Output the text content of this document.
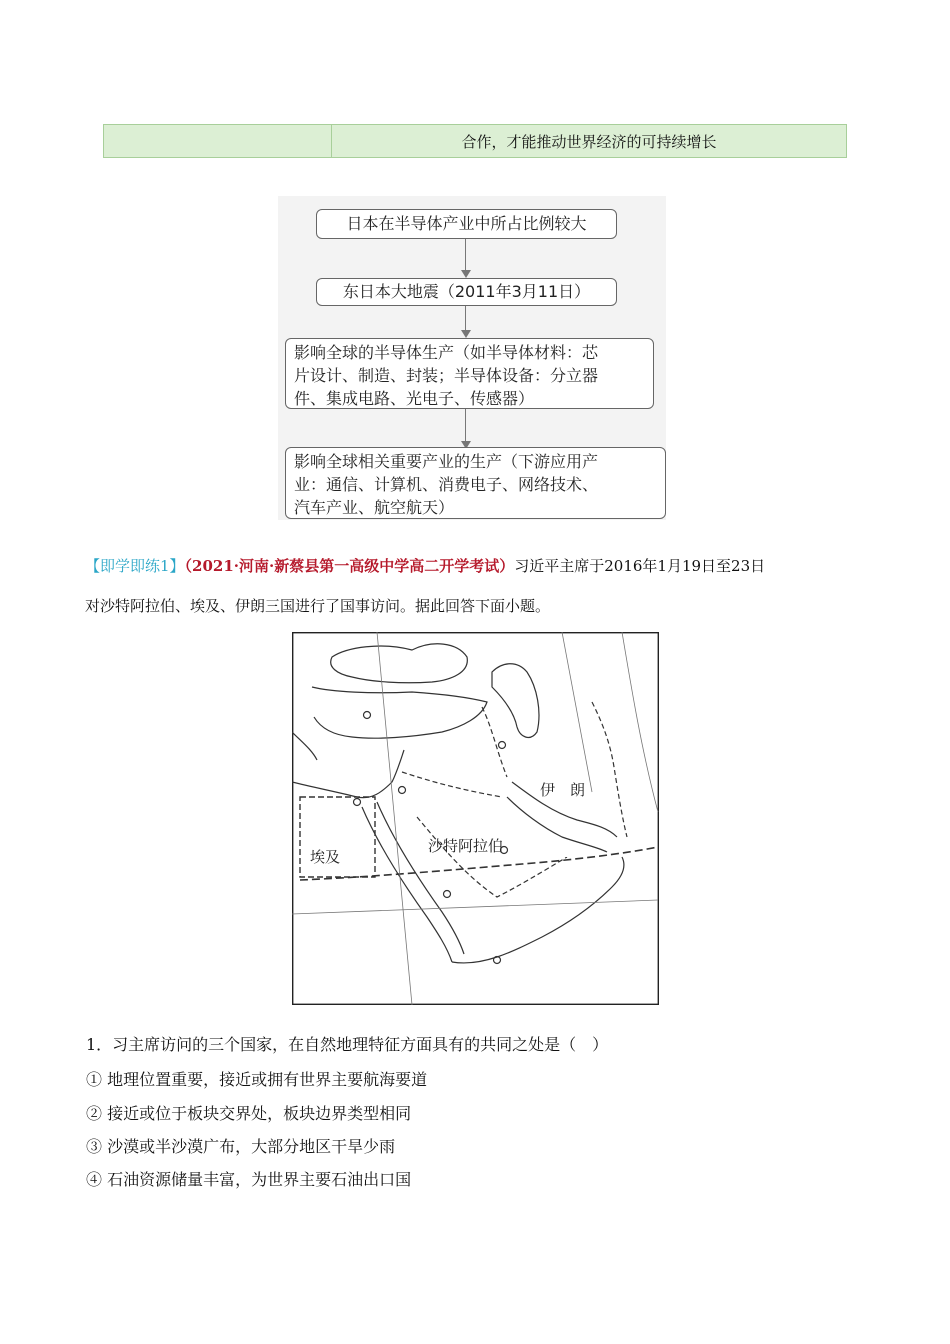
合作，才能推动世界经济的可持续增长
日本在半导体产业中所占比例较大
东日本大地震（2011年3月11日）
影响全球的半导体生产（如半导体材料：芯
片设计、制造、封装；半导体设备：分立器
件、集成电路、光电子、传感器）
影响全球相关重要产业的生产（下游应用产
业：通信、计算机、消费电子、网络技术、
汽车产业、航空航天）
【即学即练1】（2021·河南·新蔡县第一高级中学高二开学考试）习近平主席于2016年1月19日至23日
对沙特阿拉伯、埃及、伊朗三国进行了国事访问。据此回答下面小题。
伊　朗
沙特阿拉伯
埃及
1．习主席访问的三个国家，在自然地理特征方面具有的共同之处是（　）
① 地理位置重要，接近或拥有世界主要航海要道
② 接近或位于板块交界处，板块边界类型相同
③ 沙漠或半沙漠广布，大部分地区干旱少雨
④ 石油资源储量丰富，为世界主要石油出口国
